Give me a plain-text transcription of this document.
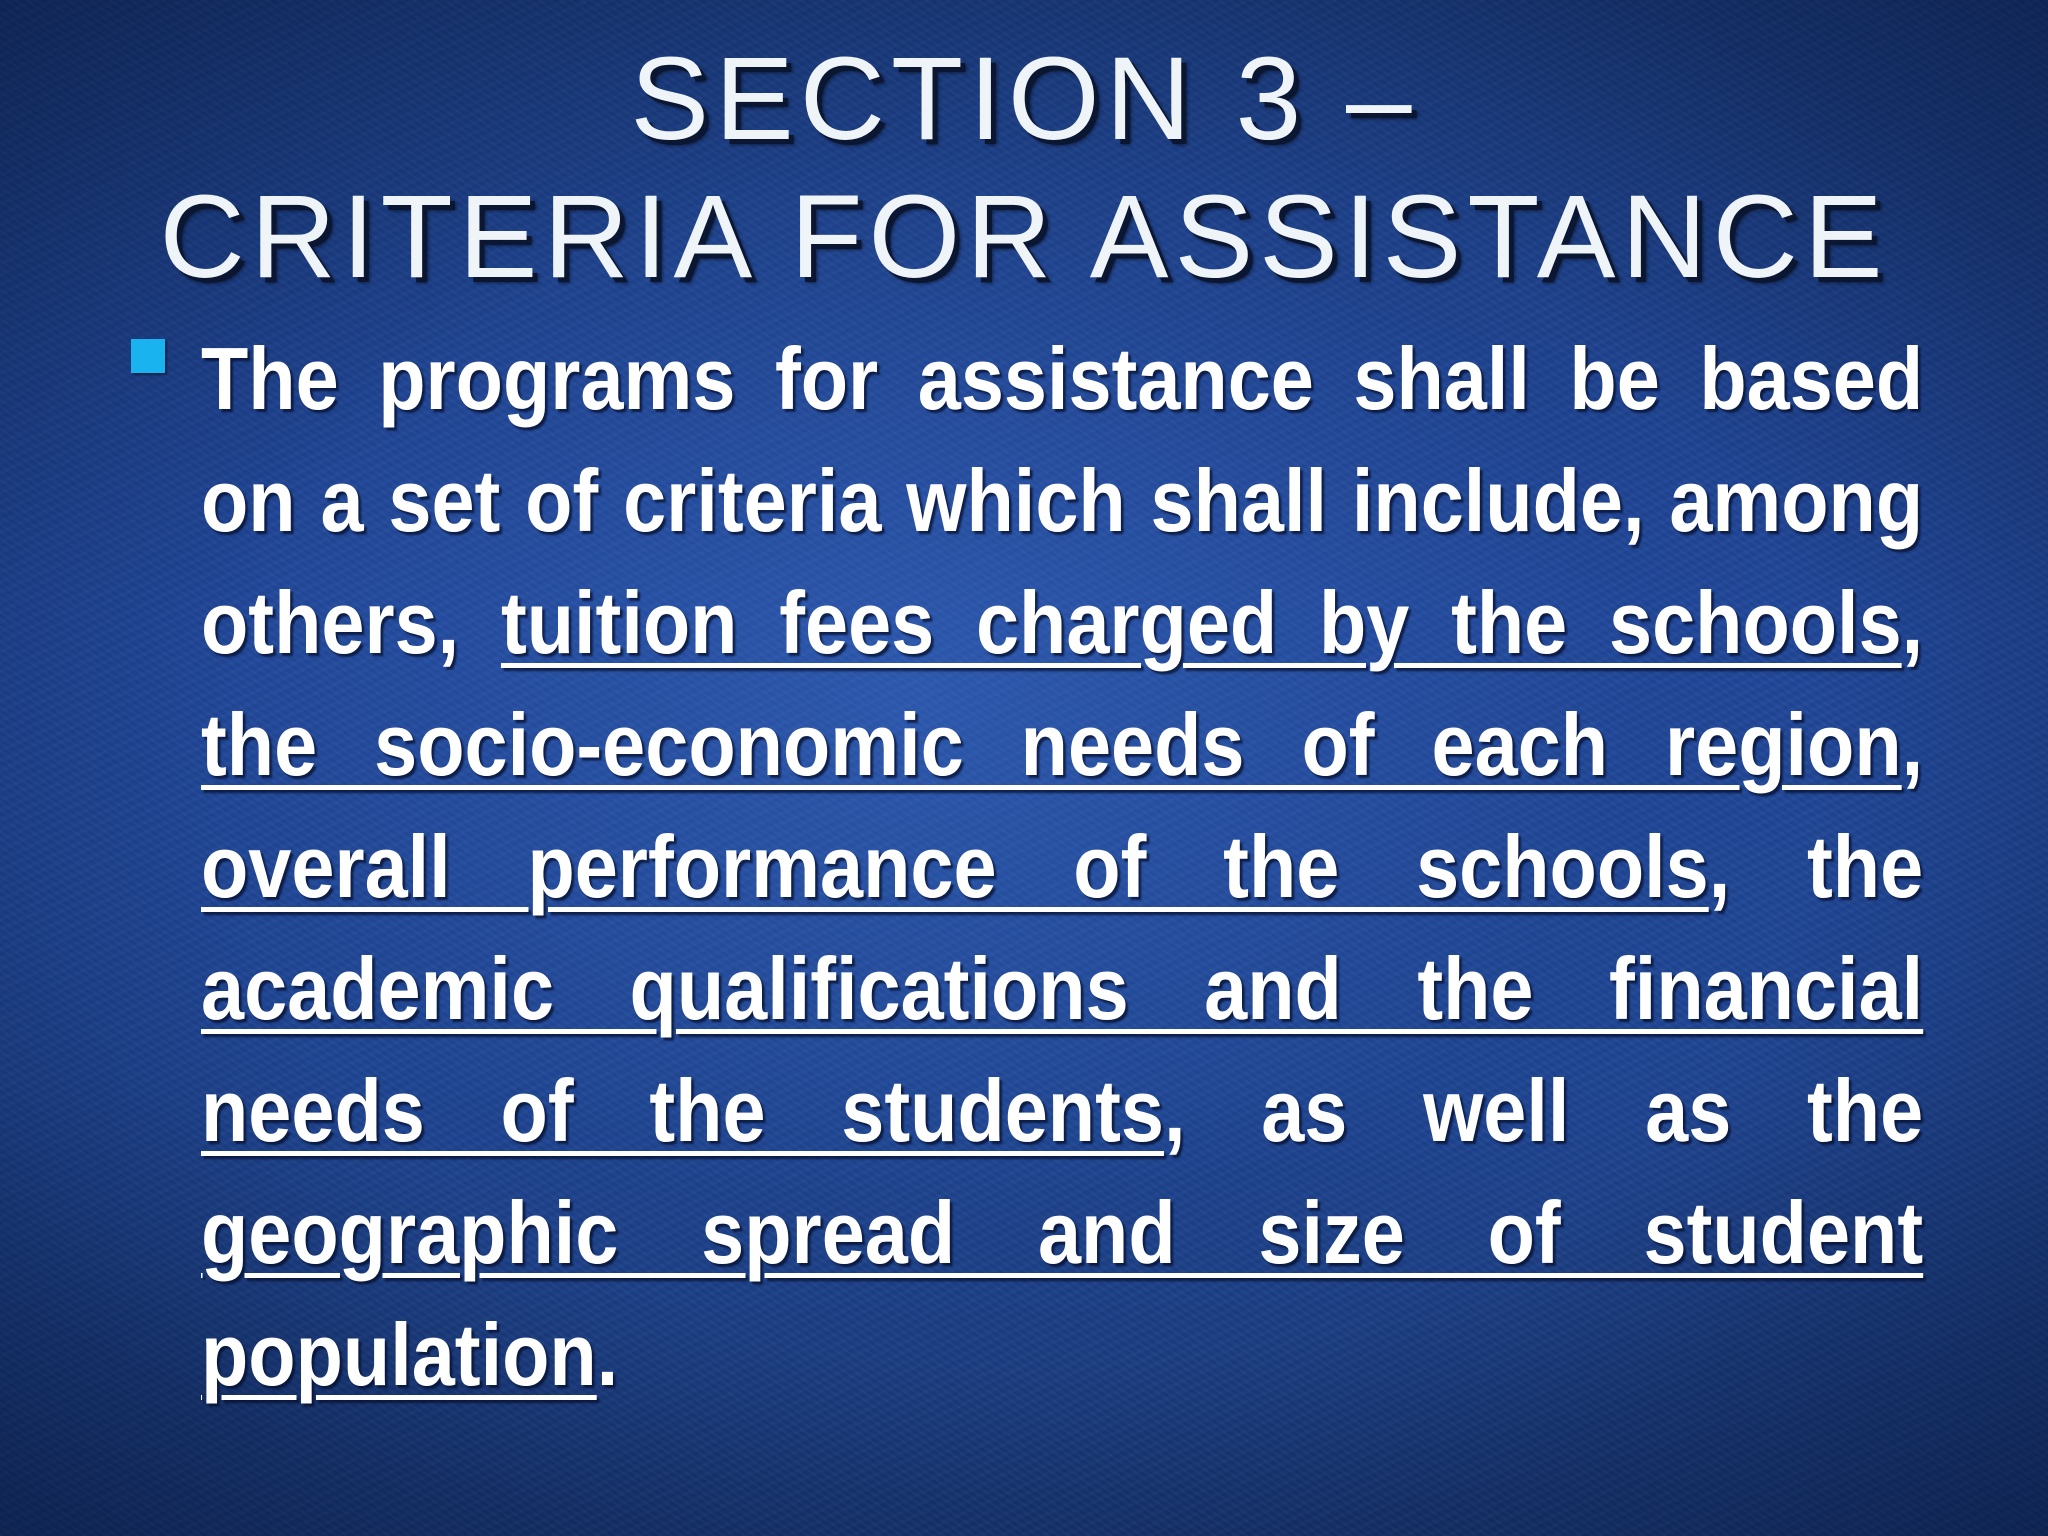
SECTION 3 –
CRITERIA FOR ASSISTANCE

The programs for assistance shall be based on a set of criteria which shall include, among others, tuition fees charged by the schools, the socio-economic needs of each region, overall performance of the schools, the academic qualifications and the financial needs of the students, as well as the geographic spread and size of student population.
